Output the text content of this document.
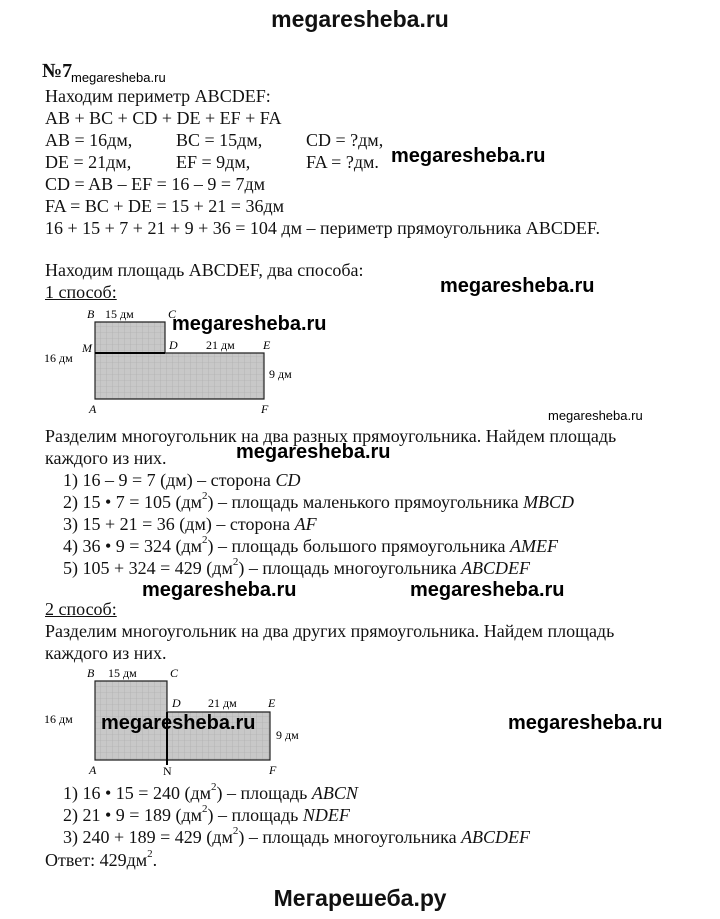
megaresheba.ru
№7
megaresheba.ru
Находим периметр ABCDEF:
AB + BC + CD + DE + EF + FA
AB = 16дм, BC = 15дм, CD = ?дм,
DE = 21дм, EF = 9дм,	FA = ?дм. megaresheba.ru
CD = AB – EF = 16 – 9 = 7дм
FA = BC + DE = 15 + 21 = 36дм
16 + 15 + 7 + 21 + 9 + 36 = 104 дм – периметр прямоугольника ABCDEF.
Находим площадь ABCDEF, два способа:
1 способ:	megaresheba.ru
B 15 дм	C
D 21 дм E
M
16 дм
9 дм
A	F
megaresheba.ru
megaresheba.ru
Разделим многоугольник на два разных прямоугольника. Найдем площадь
каждого из них.	megaresheba.ru
1) 16 – 9 = 7 (дм) – сторона CD
2) 15 • 7 = 105 $(дм^2)$ – площадь маленького прямоугольника MBCD
3) 15 + 21 = 36 (дм) – сторона AF
4) 36 • 9 = 324 $(дм^2)$ – площадь большого прямоугольника AMEF
5) 105 + 324 = 429 $(дм^2)$ – площадь многоугольника ABCDEF
megaresheba.ru	megaresheba.ru
2 способ:
Разделим многоугольник на два других прямоугольника. Найдем площадь
каждого из них.
B 15 дм	C
D 21 дм	E
16 дм
9 дм
A	N	F
megaresheba.ru	megaresheba.ru
1) 16 • 15 = 240 $(дм^2)$ – площадь ABCN
2) 21 • 9 = 189 $(дм^2)$ – площадь NDEF
3) 240 + 189 = 429 $(дм^2)$ – площадь многоугольника ABCDEF
Ответ: $429дм^2$.
Мегарешеба.ру
